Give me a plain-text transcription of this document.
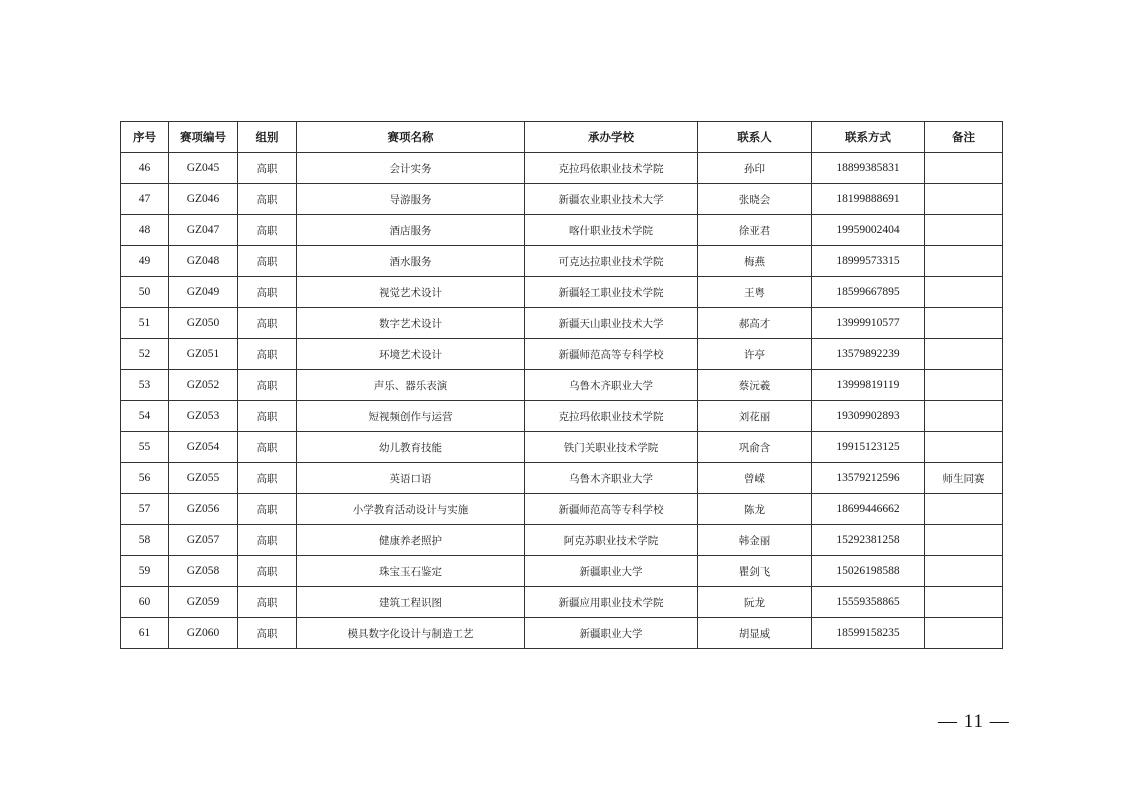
序号	赛项编号	组别	赛项名称	承办学校	联系人	联系方式	备注
46	GZ045	高职	会计实务	克拉玛依职业技术学院	孙印	18899385831	
47	GZ046	高职	导游服务	新疆农业职业技术大学	张晓会	18199888691	
48	GZ047	高职	酒店服务	喀什职业技术学院	徐亚君	19959002404	
49	GZ048	高职	酒水服务	可克达拉职业技术学院	梅燕	18999573315	
50	GZ049	高职	视觉艺术设计	新疆轻工职业技术学院	王粤	18599667895	
51	GZ050	高职	数字艺术设计	新疆天山职业技术大学	郝高才	13999910577	
52	GZ051	高职	环境艺术设计	新疆师范高等专科学校	许亭	13579892239	
53	GZ052	高职	声乐、器乐表演	乌鲁木齐职业大学	蔡沅羲	13999819119	
54	GZ053	高职	短视频创作与运营	克拉玛依职业技术学院	刘花丽	19309902893	
55	GZ054	高职	幼儿教育技能	铁门关职业技术学院	巩俞含	19915123125	
56	GZ055	高职	英语口语	乌鲁木齐职业大学	曾嵘	13579212596	师生同赛
57	GZ056	高职	小学教育活动设计与实施	新疆师范高等专科学校	陈龙	18699446662	
58	GZ057	高职	健康养老照护	阿克苏职业技术学院	韩金丽	15292381258	
59	GZ058	高职	珠宝玉石鉴定	新疆职业大学	瞿剑飞	15026198588	
60	GZ059	高职	建筑工程识图	新疆应用职业技术学院	阮龙	15559358865	
61	GZ060	高职	模具数字化设计与制造工艺	新疆职业大学	胡显威	18599158235	
— 11 —
